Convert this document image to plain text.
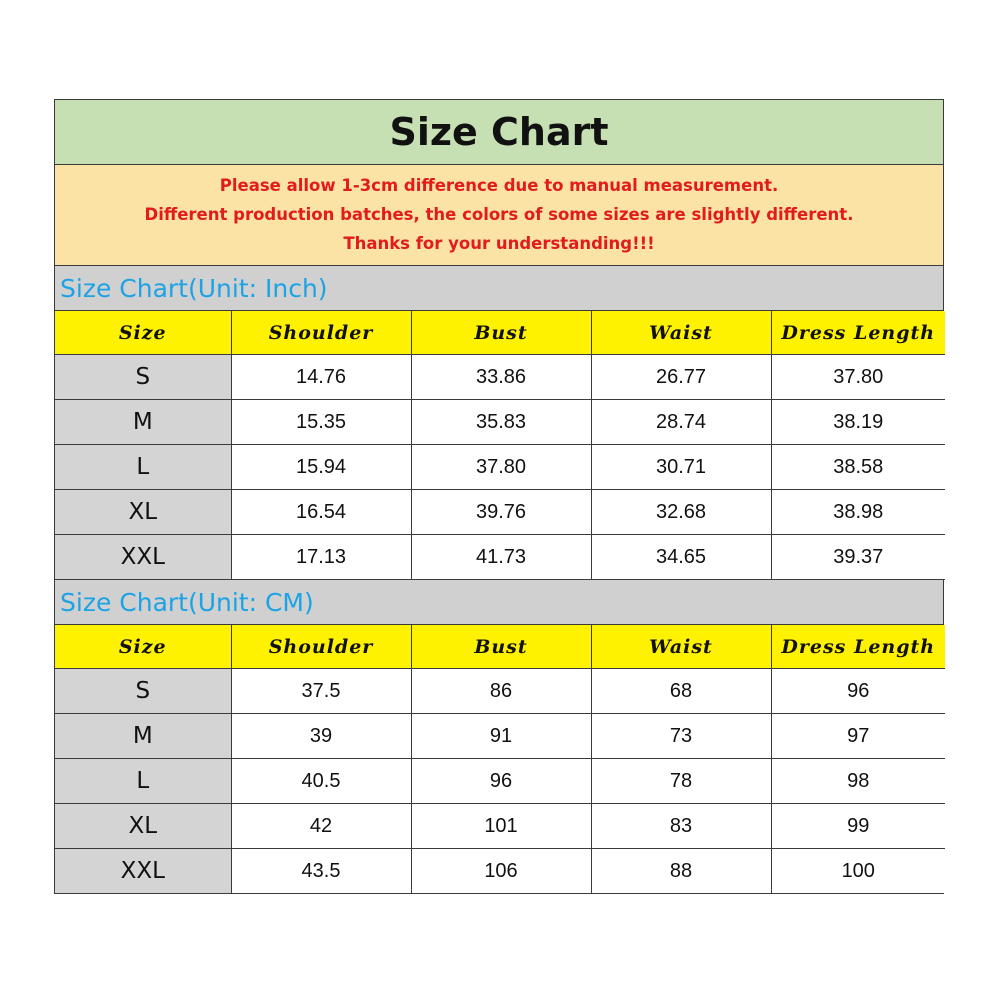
Size Chart
Please allow 1-3cm difference due to manual measurement.
Different production batches, the colors of some sizes are slightly different.
Thanks for your understanding!!!
Size Chart(Unit: Inch)
Size	Shoulder	Bust	Waist	Dress Length
S	14.76	33.86	26.77	37.80
M	15.35	35.83	28.74	38.19
L	15.94	37.80	30.71	38.58
XL	16.54	39.76	32.68	38.98
XXL	17.13	41.73	34.65	39.37
Size Chart(Unit: CM)
Size	Shoulder	Bust	Waist	Dress Length
S	37.5	86	68	96
M	39	91	73	97
L	40.5	96	78	98
XL	42	101	83	99
XXL	43.5	106	88	100
